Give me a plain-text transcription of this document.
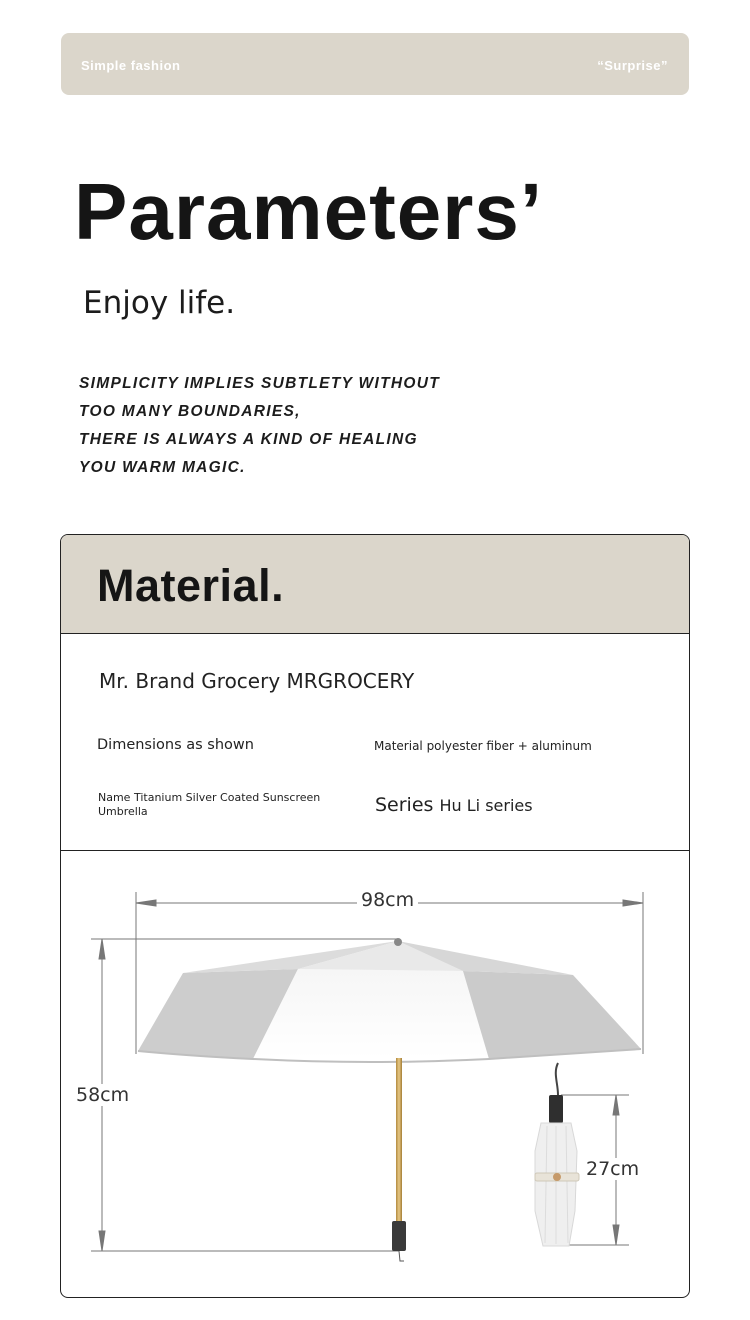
Simple fashion	“Surprise”
Parameters’
Enjoy life.
SIMPLICITY IMPLIES SUBTLETY WITHOUT
TOO MANY BOUNDARIES,
THERE IS ALWAYS A KIND OF HEALING
YOU WARM MAGIC.
Material.
Mr. Brand Grocery MRGROCERY
Dimensions as shown	Material polyester fiber + aluminum
Name Titanium Silver Coated Sunscreen Umbrella	Series Hu Li series
98cm
58cm
27cm
